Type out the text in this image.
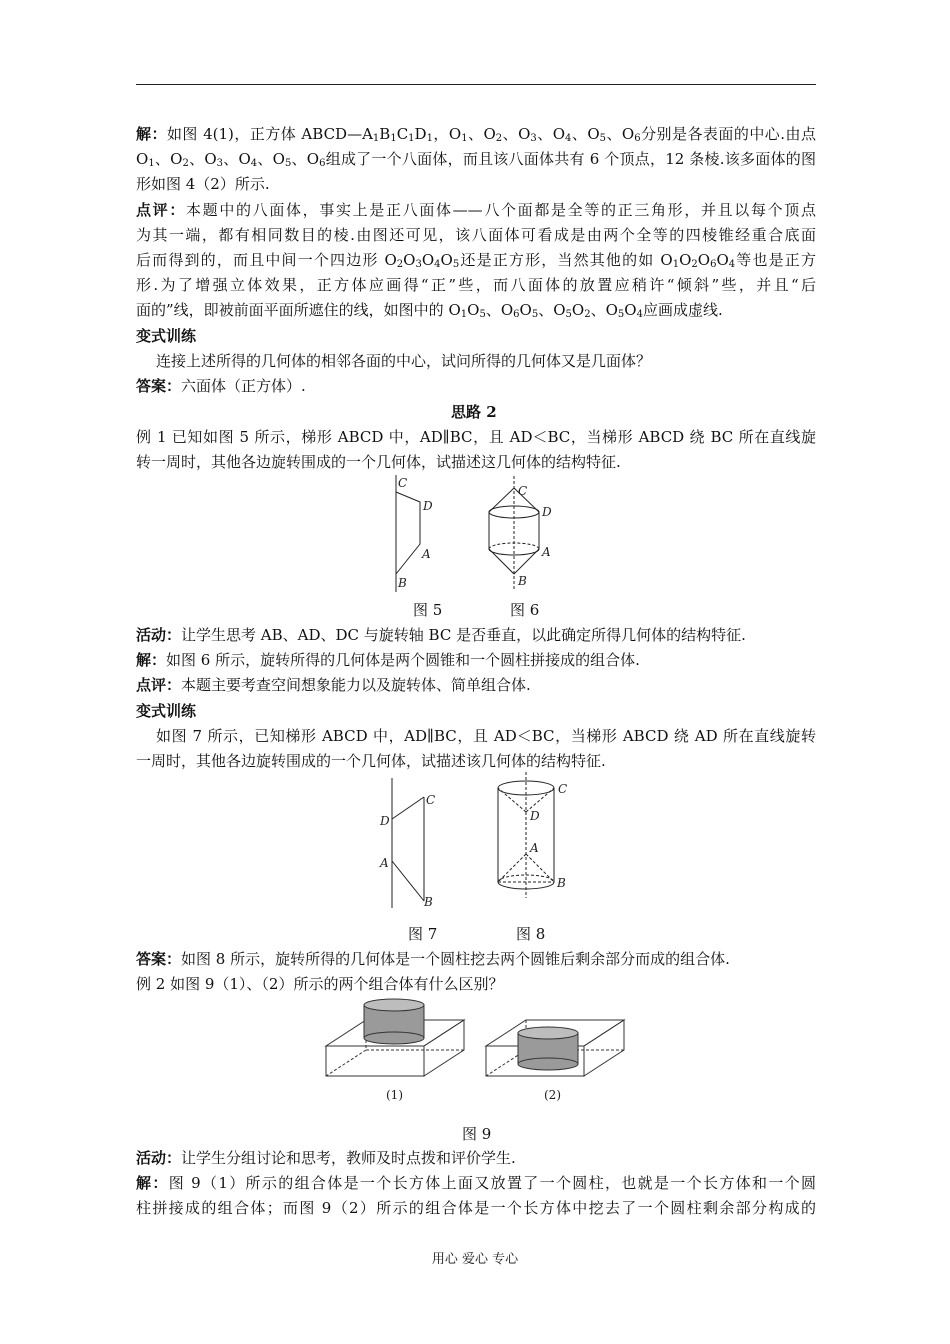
解：如图 4(1)，正方体 $ABCD—A_1B_1C_1D_1$，$O_1$、$O_2$、$O_3$、$O_4$、$O_5$、$O_6$分别是各表面的中心.由点
$O_1$、$O_2$、$O_3$、$O_4$、$O_5$、$O_6$组成了一个八面体，而且该八面体共有 6 个顶点，12 条棱.该多面体的图
形如图 4（2）所示.
点评：本题中的八面体，事实上是正八面体——八个面都是全等的正三角形，并且以每个顶点
为其一端，都有相同数目的棱.由图还可见，该八面体可看成是由两个全等的四棱锥经重合底面
后而得到的，而且中间一个四边形 $O_2O_3O_4O_5$还是正方形，当然其他的如 $O_1O_2O_6O_4$等也是正方
形.为了增强立体效果，正方体应画得“正”些，而八面体的放置应稍许“倾斜”些，并且“后
面的”线，即被前面平面所遮住的线，如图中的 $O_1O_5$、$O_6O_5$、$O_5O_2$、$O_5O_4$应画成虚线.
变式训练
连接上述所得的几何体的相邻各面的中心，试问所得的几何体又是几面体？
答案：六面体（正方体）.
思路 2
例 1 已知如图 5 所示，梯形 ABCD 中，AD∥BC，且 AD＜BC，当梯形 ABCD 绕 BC 所在直线旋
转一周时，其他各边旋转围成的一个几何体，试描述这几何体的结构特征.
C
D
A
B
C
D
A
B
图 5	图 6
活动：让学生思考 AB、AD、DC 与旋转轴 BC 是否垂直，以此确定所得几何体的结构特征.
解：如图 6 所示，旋转所得的几何体是两个圆锥和一个圆柱拼接成的组合体.
点评：本题主要考查空间想象能力以及旋转体、简单组合体.
变式训练
如图 7 所示，已知梯形 ABCD 中，AD∥BC，且 AD＜BC，当梯形 ABCD 绕 AD 所在直线旋转
一周时，其他各边旋转围成的一个几何体，试描述该几何体的结构特征.
C
D
A
B
C
D
A
B
图 7	图 8
答案：如图 8 所示，旋转所得的几何体是一个圆柱挖去两个圆锥后剩余部分而成的组合体.
例 2 如图 9（1）、（2）所示的两个组合体有什么区别？
(1)	(2)
图 9
活动：让学生分组讨论和思考，教师及时点拨和评价学生.
解：图 9（1）所示的组合体是一个长方体上面又放置了一个圆柱，也就是一个长方体和一个圆
柱拼接成的组合体；而图 9（2）所示的组合体是一个长方体中挖去了一个圆柱剩余部分构成的
用心 爱心 专心
